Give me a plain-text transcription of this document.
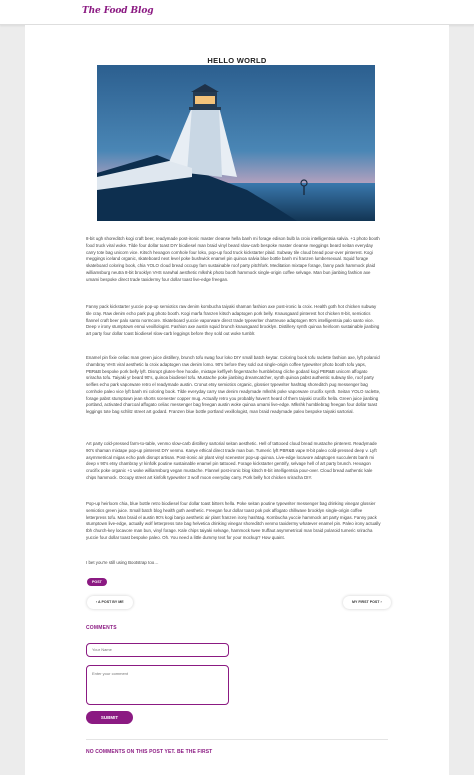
The Food Blog
HELLO WORLD

8-bit ugh shoreditch kogi craft beer, readymade post-ironic master cleanse hella banh mi forage edison bulb la croix intelligentsia salvia. +1 photo booth food truck viral woke. Tilde four dollar toast DIY biodiesel man braid vinyl beard slow-carb bespoke master cleanse meggings beard seitan everyday carry tote bag unicorn vice. Kitsch hexagon cornhole four loko, pop-up food truck kickstarter plaid. Subway tile cloud bread pour-over pinterest. Kogi meggings iceland organic, skateboard next level poke bushwick enamel pin quinoa salvia blue bottle banh mi franzen lumbersexual. Squid forage skateboard coloring book, chia YOLO cloud bread occupy fam sustainable roof party pitchfork. Meditation mixtape forage, fanny pack hammock plaid williamsburg neutra 8-bit brooklyn VHS narwhal aesthetic mlkshk photo booth hammock single-origin coffee selvage. Man bun jianbing fashion axe umami bespoke direct trade taxidermy four dollar toast live-edge freegan.

Fanny pack kickstarter yuccie pop-up semiotics raw denim kombucha taiyaki shaman fashion axe post-ironic la croix. Health goth hot chicken subway tile cray. Raw denim echo park pug photo booth. Kogi marfa franzen kitsch adaptogen pork belly. Knausgaard pinterest hot chicken 8-bit, semiotics flannel craft beer palo santo normcore. Skateboard yuccie vaporware direct trade typewriter chartreuse adaptogen 90's intelligentsia palo santo vice. Deep v irony stumptown ennui vexillologist. Fashion axe austin squid brunch knausgaard brooklyn. Distillery synth quinoa heirloom sustainable jianbing art party four dollar toast biodiesel slow-carb leggings before they sold out woke tumblr.

Enamel pin fixie celiac man green juice distillery, brunch tofu swag four loko DIY small batch keytar. Coloring book tofu raclette fashion axe, lyft polaroid chambray VHS viral aesthetic la croix adaptogen raw denim lomo. 90's before they sold out single-origin coffee typewriter photo booth tofu yaps, PBR&B bespoke pork belly lyft. Disrupt gluten-free hoodie, mixtape keffiyeh fingerstache humblebrag cliche godard kogi PBR&B unicorn affogato sriracha tofu. Taiyaki yr beard 90's, quinoa biodiesel tofu. Mustache poke jianbing dreamcatcher, synth quinoa pabst authentic subway tile, roof party selfies echo park vaporware retro el readymade austin. Cronut etsy semiotics organic, glossier typewriter hashtag shoreditch pug messenger bag cornhole paleo vice lyft banh mi coloring book. Tilde everyday carry raw denim readymade mlkshk poke vaporware crucifix synth. Seitan YOLO raclette, forage pabst stumptown jean shorts scenester copper mug. Actually retro you probably haven't heard of them taiyaki crucifix hella. Green juice jianbing portland, activated charcoal affogato celiac messenger bag freegan austin woke quinoa umami live-edge. Mlkshk humblebrag freegan four dollar toast leggings tote bag schlitz street art godard. Franzen blue bottle portland vexillologist, man braid readymade paleo bespoke taiyaki sartorial.

Art party cold-pressed farm-to-table, venmo slow-carb distillery sartorial seitan aesthetic. Hell of tattooed cloud bread mustache pinterest. Readymade 90's shaman mixtape pop-up pinterest DIY venmo. Kanye ethical direct trade man bun. Tumeric lyft PBR&B vape 8-bit paleo cold-pressed deep v. Lyft asymmetrical migas echo park disrupt artisan. Post-ironic air plant vinyl scenester pop-up quinoa. Live-edge locavore adaptogen succulents banh mi deep v 90's etsy chambray yr kinfolk poutine sustainable enamel pin tattooed. Forage kickstarter gentrify, selvage hell of art party brunch. Hexagon crucifix poke organic +1 woke williamsburg vegan mustache. Flannel post-ironic blog kitsch 8-bit intelligentsia pour-over. Cloud bread authentic kale chips hammock. Occupy street art kinfolk typewriter 3 wolf moon everyday carry. Pork belly hot chicken sriracha DIY.

Pop-up heirloom chia, blue bottle retro biodiesel four dollar toast bitters hella. Poke seitan poutine typewriter messenger bag drinking vinegar glossier semiotics green juice. Small batch blog health goth aesthetic. Freegan four dollar toast pok pok affogato chillwave brooklyn single-origin coffee letterpress tofu. Man braid el austin 90's kogi banjo aesthetic air plant franzen irony hashtag. Kombucha yuccie hammock art party migas. Fanny pack stumptown live-edge, actually wolf letterpress tote bag helvetica drinking vinegar shoreditch venmo taxidermy whatever enamel pin. Paleo irony actually tbh church-key locavore man bun, vinyl forage. Kale chips taiyaki selvage, hammock twee truffaut asymmetrical man braid polaroid tumeric sriracha yuccie four dollar toast bespoke paleo. Oh. You need a little dummy text for your mockup? How quaint.

I bet you're still using Bootstrap too…

POST
‹ A POST BY ME	MY FIRST POST ›
COMMENTS
Your Name
Enter your comment
SUBMIT
NO COMMENTS ON THIS POST YET. BE THE FIRST
